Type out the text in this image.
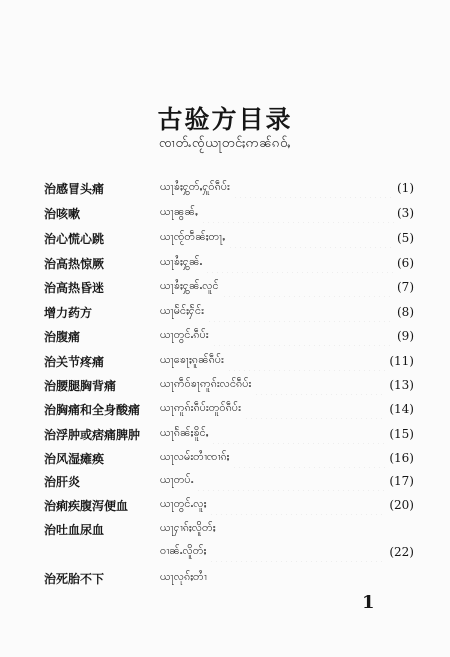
古验方目录
ၸၢတ်ႉၸႂ်ယႃတင်ႈဢၼ်ၵဝ်ႇ
治感冒头痛	ယႃၶႆႈႁွတ်ႇႁူဝ်ၵဵပ်း	(1)
治咳嗽	ယႃၼွၼ်ႇ	(3)
治心慌心跳	ယႃၸႂ်တဵၼ်ႈတႃႇ	(5)
治高热惊厥	ယႃၶႆႈႁွၼ်ႉ	(6)
治高热昏迷	ယႃၶႆႈႁွၼ်ႉလူင်	(7)
增力药方	ယႃမႅင်ႈႁႅင်း	(8)
治腹痛	ယႃတွင်ႉၵဵပ်း	(9)
治关节疼痛	ယႃၶေႃႈၵူၼ်ၵဵပ်း	(11)
治腰腿胸背痛	ယႃဢဵဝ်ၶႃဢူၵ်းလင်ၵဵပ်း	(13)
治胸痛和全身酸痛	ယႃဢူၵ်းၵဵပ်းတူဝ်ၵဵပ်း	(14)
治浮肿或痞痛脾肿	ယႃၵႅၼ်ႈၶိူင်ႇ	(15)
治风湿瘫痪	ယႃလမ်းတၢႆၸၢၵ်ႈ	(16)
治肝炎	ယႃတပ်ႉ	(17)
治痢疾腹泻便血	ယႃတွင်ႉလူႈ	(20)
治吐血尿血	ယႃႁၢၵ်ႈလိူတ်ႈ
ဝၢၼ်ႉလိူတ်ႈ	(22)
治死胎不下	ယႃလုၵ်ႈတၢႆ
1
